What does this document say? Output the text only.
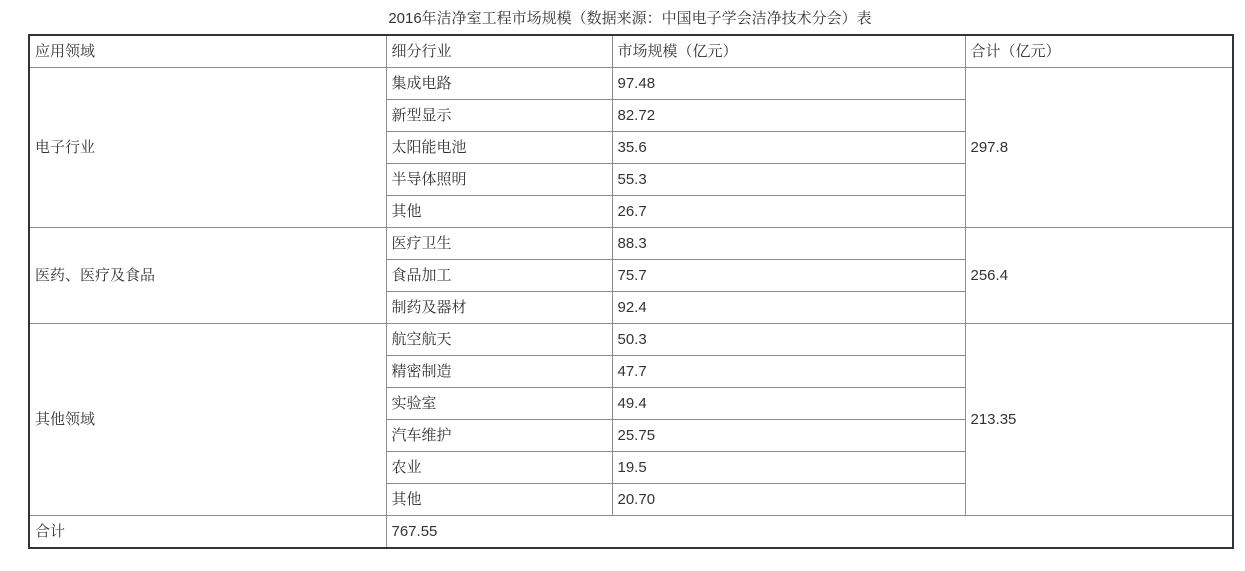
2016年洁净室工程市场规模（数据来源：中国电子学会洁净技术分会）表
应用领域	细分行业	市场规模（亿元）	合计（亿元）
电子行业	集成电路	97.48	297.8
	新型显示	82.72	
	太阳能电池	35.6	
	半导体照明	55.3	
	其他	26.7	
医药、医疗及食品	医疗卫生	88.3	256.4
	食品加工	75.7	
	制药及器材	92.4	
其他领域	航空航天	50.3	213.35
	精密制造	47.7	
	实验室	49.4	
	汽车维护	25.75	
	农业	19.5	
	其他	20.70	
合计	767.55		
